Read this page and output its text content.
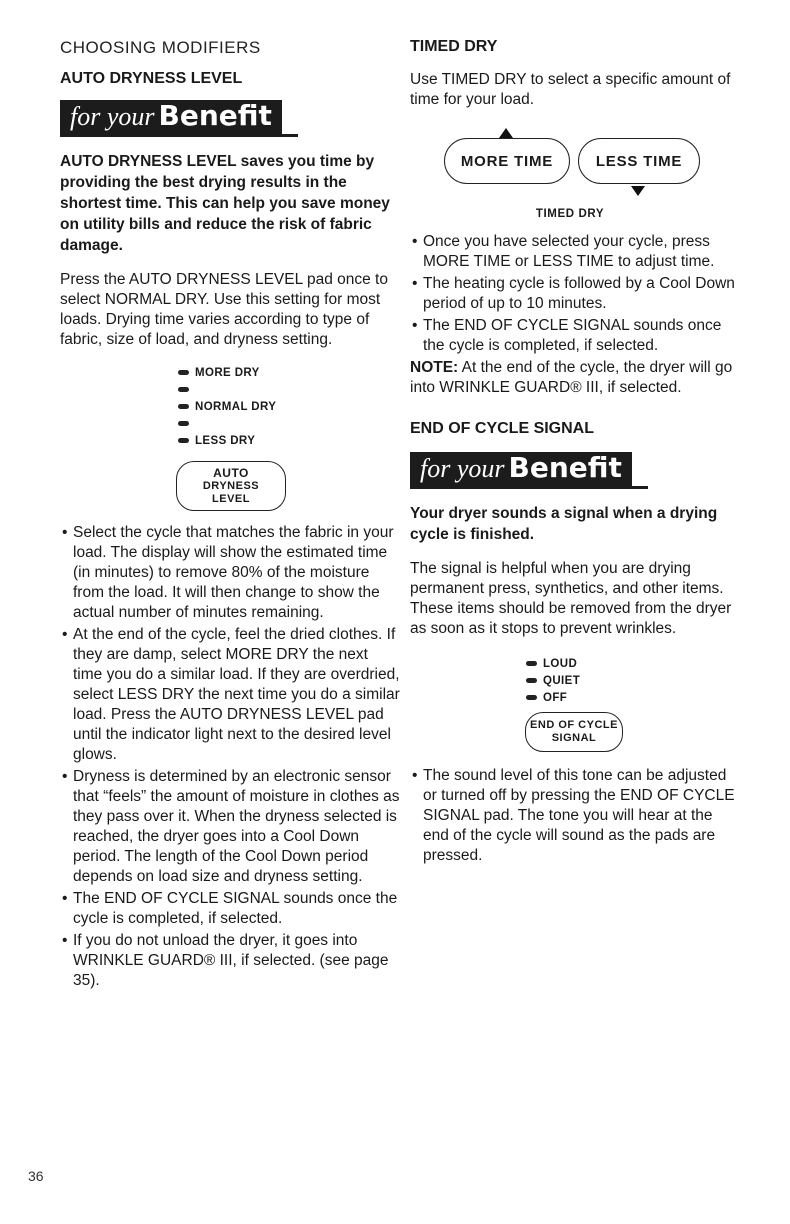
CHOOSING MODIFIERS
AUTO DRYNESS LEVEL
for your Benefit
AUTO DRYNESS LEVEL saves you time by providing the best drying results in the shortest time. This can help you save money on utility bills and reduce the risk of fabric damage.

Press the AUTO DRYNESS LEVEL pad once to select NORMAL DRY. Use this setting for most loads. Drying time varies according to type of fabric, size of load, and dryness setting.

MORE DRY
NORMAL DRY
LESS DRY
AUTO
DRYNESS
LEVEL
• Select the cycle that matches the fabric in your load. The display will show the estimated time (in minutes) to remove 80% of the moisture from the load. It will then change to show the actual number of minutes remaining.
• At the end of the cycle, feel the dried clothes. If they are damp, select MORE DRY the next time you do a similar load. If they are overdried, select LESS DRY the next time you do a similar load. Press the AUTO DRYNESS LEVEL pad until the indicator light next to the desired level glows.
• Dryness is determined by an electronic sensor that “feels” the amount of moisture in clothes as they pass over it. When the dryness selected is reached, the dryer goes into a Cool Down period. The length of the Cool Down period depends on load size and dryness setting.
• The END OF CYCLE SIGNAL sounds once the cycle is completed, if selected.
• If you do not unload the dryer, it goes into WRINKLE GUARD® III, if selected. (see page 35).
TIMED DRY

Use TIMED DRY to select a specific amount of time for your load.

MORE TIME	LESS TIME
TIMED DRY
• Once you have selected your cycle, press MORE TIME or LESS TIME to adjust time.
• The heating cycle is followed by a Cool Down period of up to 10 minutes.
• The END OF CYCLE SIGNAL sounds once the cycle is completed, if selected.

NOTE: At the end of the cycle, the dryer will go into WRINKLE GUARD® III, if selected.

END OF CYCLE SIGNAL
for your Benefit
Your dryer sounds a signal when a drying cycle is finished.

The signal is helpful when you are drying permanent press, synthetics, and other items. These items should be removed from the dryer as soon as it stops to prevent wrinkles.

LOUD
QUIET
OFF
END OF CYCLE
SIGNAL
• The sound level of this tone can be adjusted or turned off by pressing the END OF CYCLE SIGNAL pad. The tone you will hear at the end of the cycle will sound as the pads are pressed.
36
